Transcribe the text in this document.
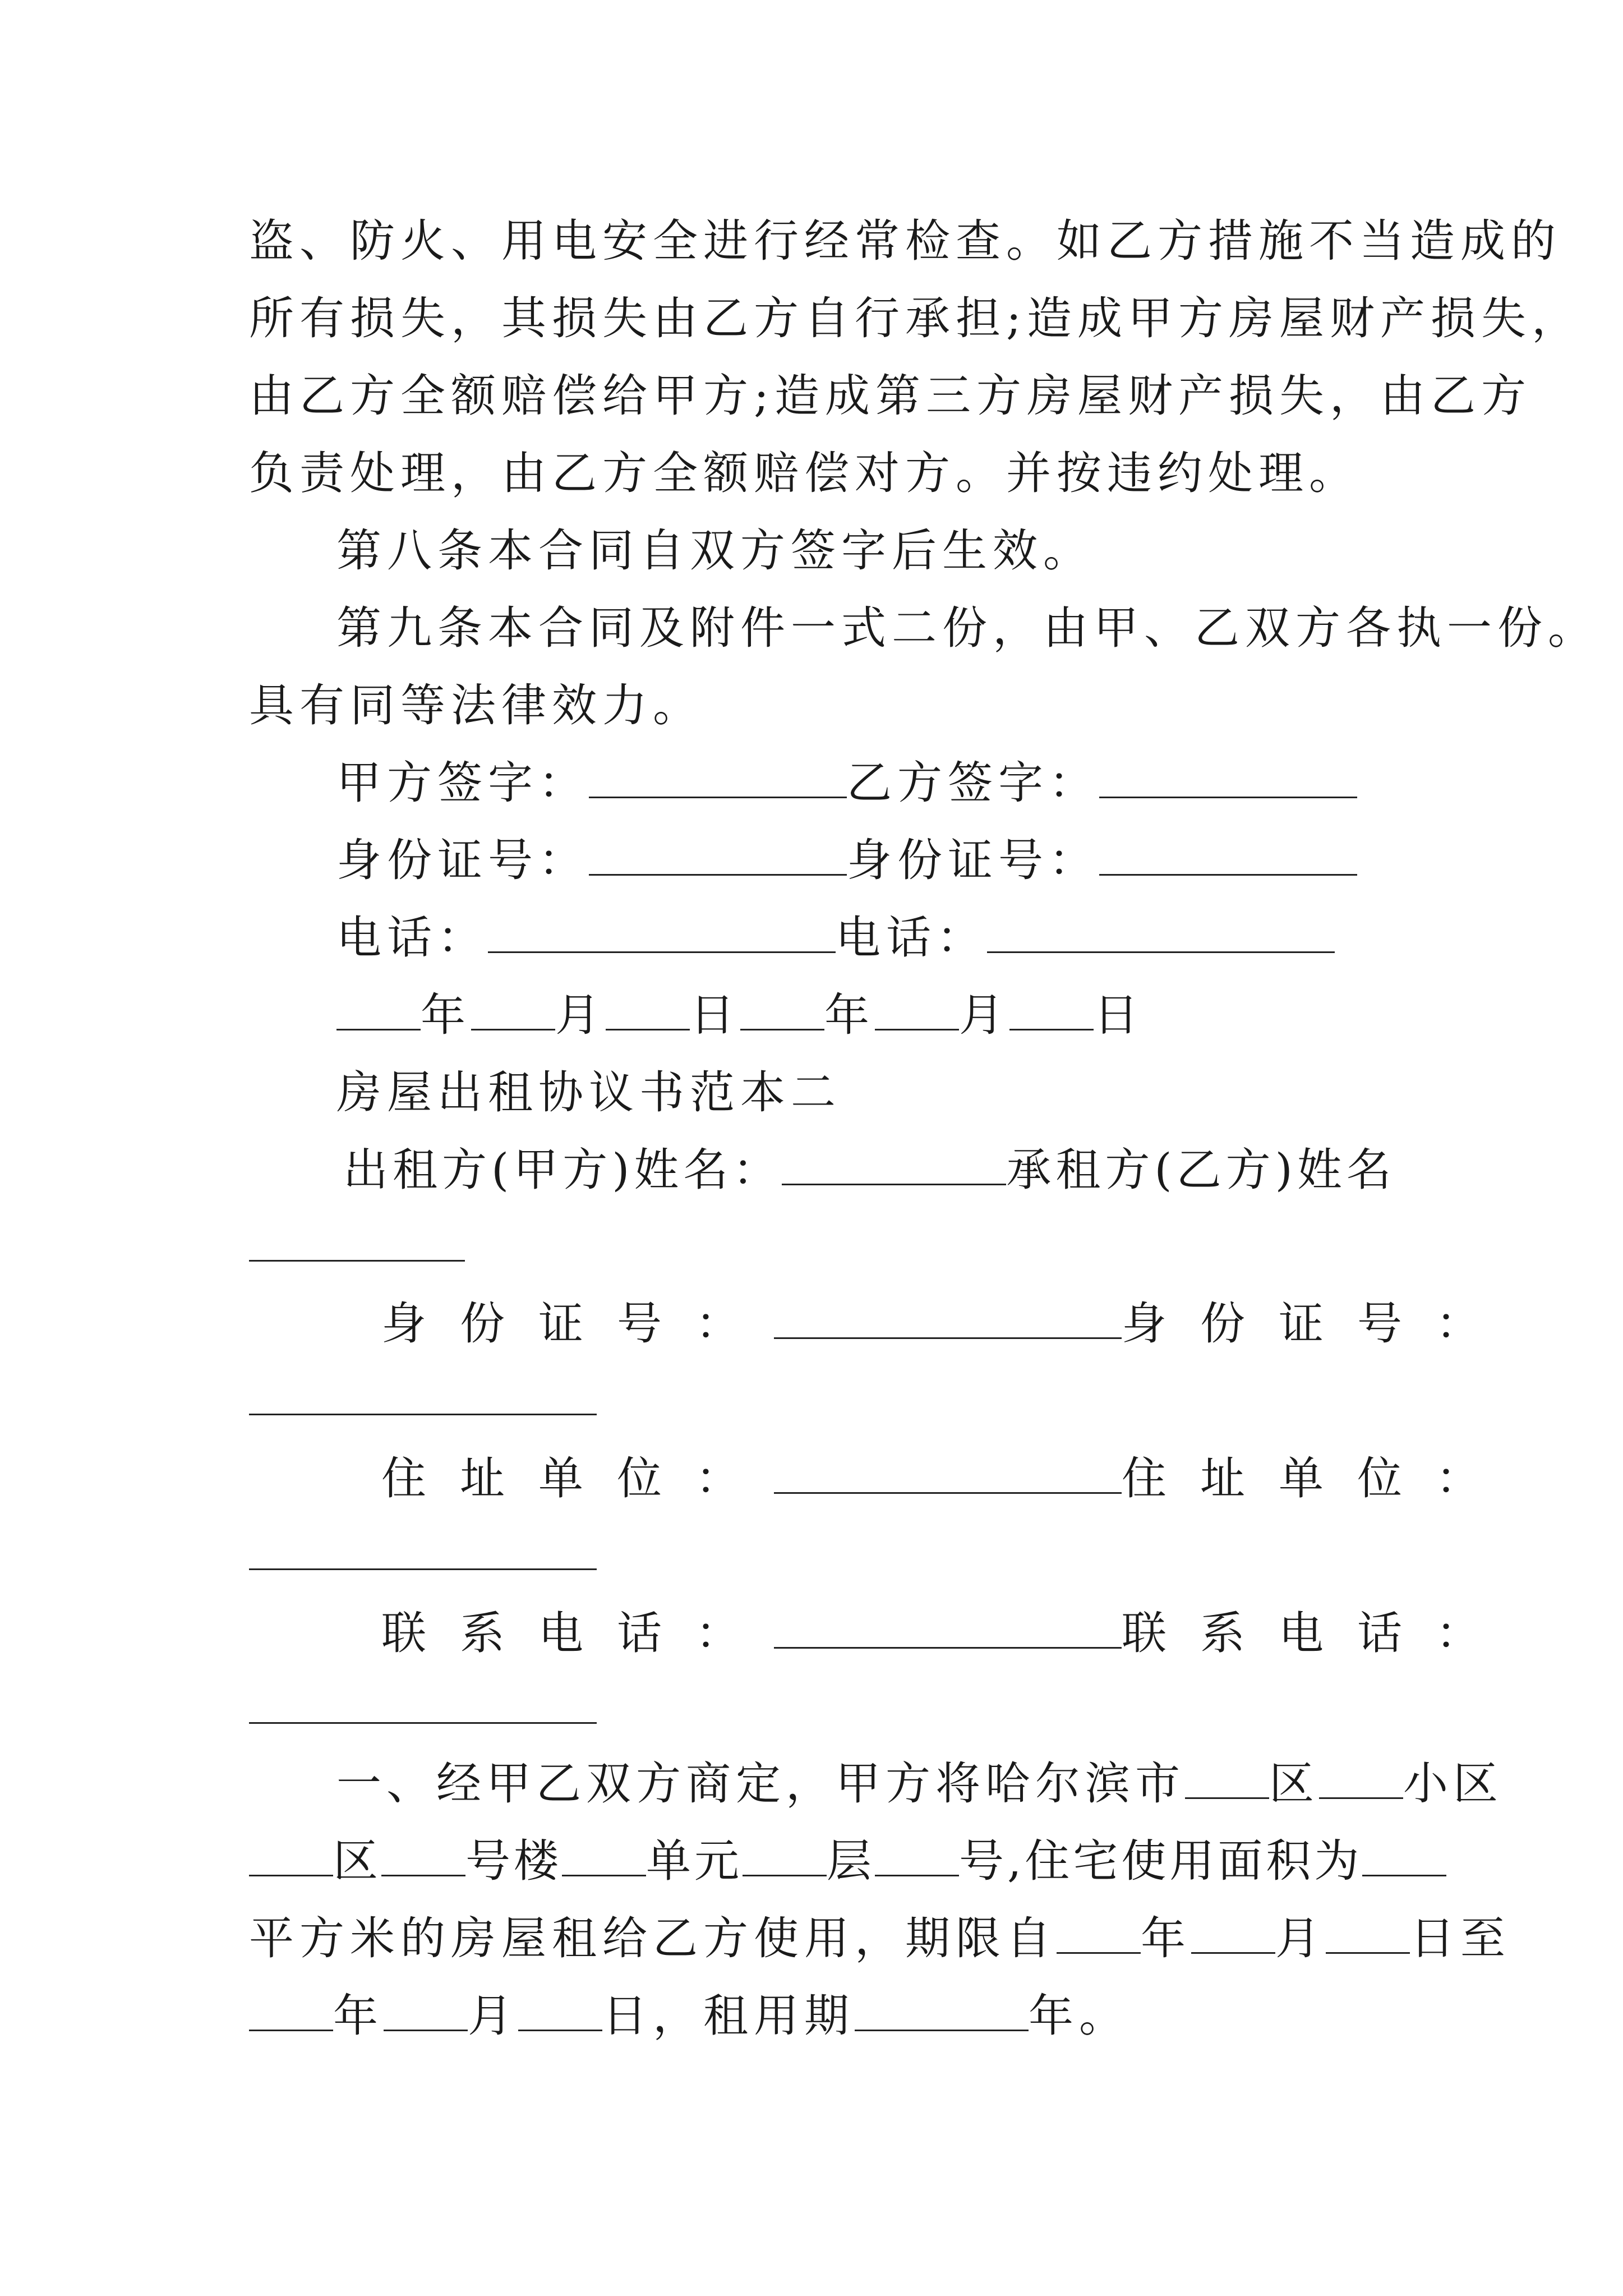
盗、防火、用电安全进行经常检查。如乙方措施不当造成的
所有损失，其损失由乙方自行承担;造成甲方房屋财产损失，
由乙方全额赔偿给甲方;造成第三方房屋财产损失，由乙方
负责处理，由乙方全额赔偿对方。并按违约处理。
第八条本合同自双方签字后生效。
第九条本合同及附件一式二份，由甲、乙双方各执一份。
具有同等法律效力。
甲方签字：	乙方签字：
身份证号：	身份证号：
电话：	电话：
年 月 日 年 月 日
房屋出租协议书范本二
出租方(甲方)姓名：	承租方(乙方)姓名
身份证号：	身份证号：
住址单位：	住址单位：
联系电话：	联系电话：
一、经甲乙双方商定，甲方将哈尔滨市 区 小区
区 号楼 单元 层 号,住宅使用面积为
平方米的房屋租给乙方使用，期限自 年 月 日至
年 月 日，租用期	年。
